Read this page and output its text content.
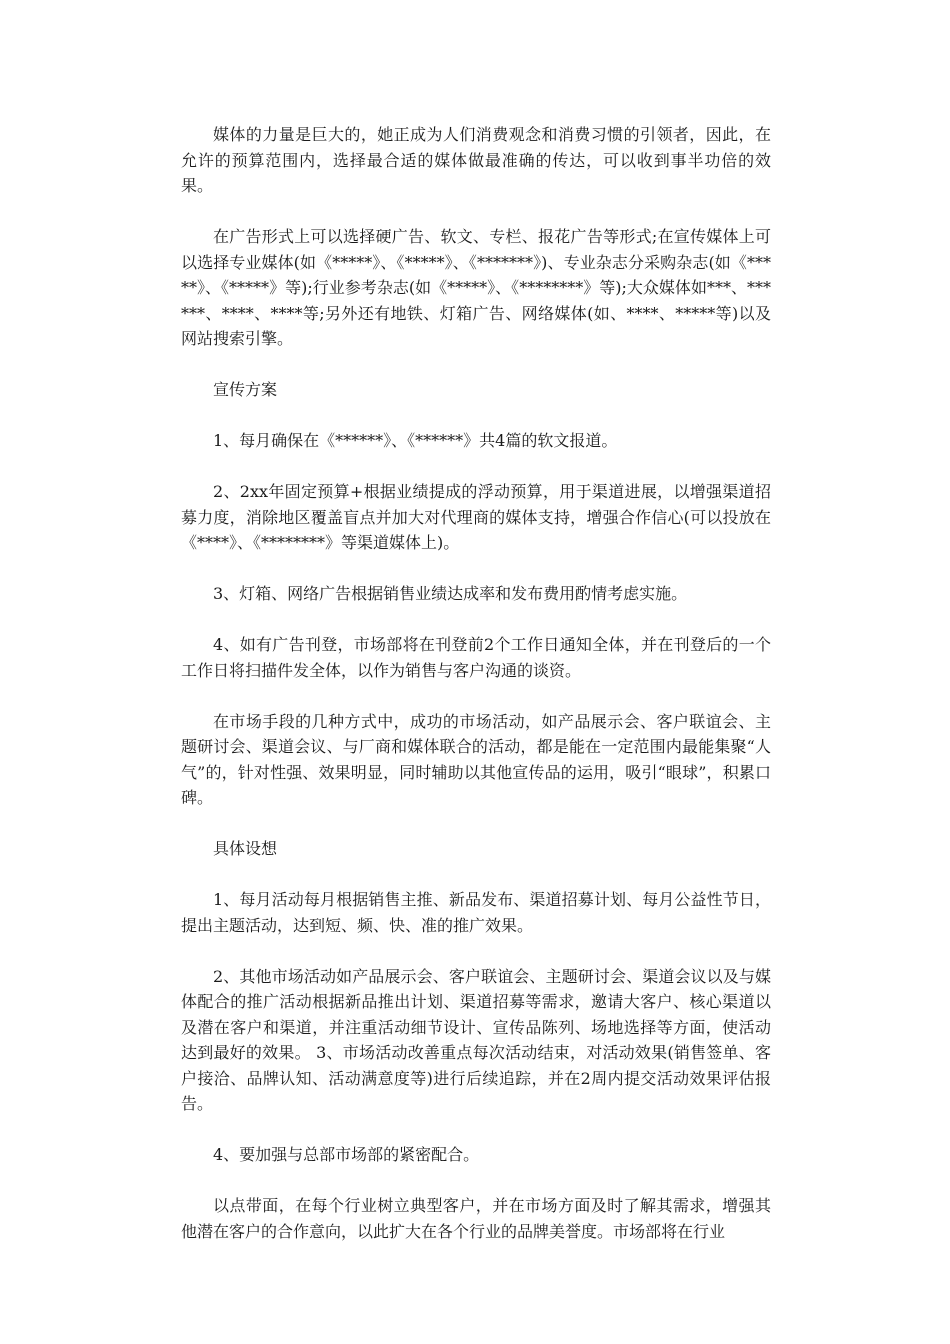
媒体的力量是巨大的，她正成为人们消费观念和消费习惯的引领者，因此，在允许的预算范围内，选择最合适的媒体做最准确的传达，可以收到事半功倍的效果。

在广告形式上可以选择硬广告、软文、专栏、报花广告等形式;在宣传媒体上可以选择专业媒体(如《*****》、《*****》、《*******》)、专业杂志分采购杂志(如《*****》、《*****》等);行业参考杂志(如《*****》、《********》等);大众媒体如***、******、****、****等;另外还有地铁、灯箱广告、网络媒体(如、****、*****等)以及网站搜索引擎。

宣传方案

1、每月确保在《******》、《******》共4篇的软文报道。

2、2xx年固定预算+根据业绩提成的浮动预算，用于渠道进展，以增强渠道招募力度，消除地区覆盖盲点并加大对代理商的媒体支持，增强合作信心(可以投放在《****》、《********》等渠道媒体上)。

3、灯箱、网络广告根据销售业绩达成率和发布费用酌情考虑实施。

4、如有广告刊登，市场部将在刊登前2个工作日通知全体，并在刊登后的一个工作日将扫描件发全体，以作为销售与客户沟通的谈资。

在市场手段的几种方式中，成功的市场活动，如产品展示会、客户联谊会、主题研讨会、渠道会议、与厂商和媒体联合的活动，都是能在一定范围内最能集聚“人气”的，针对性强、效果明显，同时辅助以其他宣传品的运用，吸引“眼球”，积累口碑。

具体设想

1、每月活动每月根据销售主推、新品发布、渠道招募计划、每月公益性节日，提出主题活动，达到短、频、快、准的推广效果。

2、其他市场活动如产品展示会、客户联谊会、主题研讨会、渠道会议以及与媒体配合的推广活动根据新品推出计划、渠道招募等需求，邀请大客户、核心渠道以及潜在客户和渠道，并注重活动细节设计、宣传品陈列、场地选择等方面，使活动达到最好的效果。 3、市场活动改善重点每次活动结束，对活动效果(销售签单、客户接洽、品牌认知、活动满意度等)进行后续追踪，并在2周内提交活动效果评估报告。

4、要加强与总部市场部的紧密配合。

以点带面，在每个行业树立典型客户，并在市场方面及时了解其需求，增强其他潜在客户的合作意向，以此扩大在各个行业的品牌美誉度。市场部将在行业
